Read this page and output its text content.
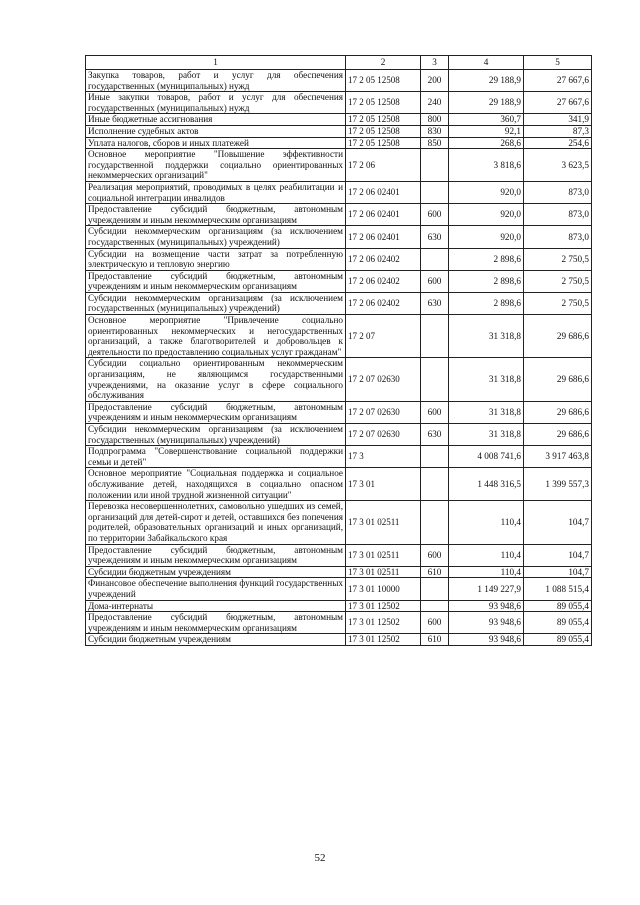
1	2	3	4	5
Закупка товаров, работ и услуг для обеспечения государственных (муниципальных) нужд	17 2 05 12508	200	29 188,9	27 667,6
Иные закупки товаров, работ и услуг для обеспечения государственных (муниципальных) нужд	17 2 05 12508	240	29 188,9	27 667,6
Иные бюджетные ассигнования	17 2 05 12508	800	360,7	341,9
Исполнение судебных актов	17 2 05 12508	830	92,1	87,3
Уплата налогов, сборов и иных платежей	17 2 05 12508	850	268,6	254,6
Основное мероприятие "Повышение эффективности государственной поддержки социально ориентированных некоммерческих организаций"	17 2 06		3 818,6	3 623,5
Реализация мероприятий, проводимых в целях реабилитации и социальной интеграции инвалидов	17 2 06 02401		920,0	873,0
Предоставление субсидий бюджетным, автономным учреждениям и иным некоммерческим организациям	17 2 06 02401	600	920,0	873,0
Субсидии некоммерческим организациям (за исключением государственных (муниципальных) учреждений)	17 2 06 02401	630	920,0	873,0
Субсидии на возмещение части затрат за потребленную электрическую и тепловую энергию	17 2 06 02402		2 898,6	2 750,5
Предоставление субсидий бюджетным, автономным учреждениям и иным некоммерческим организациям	17 2 06 02402	600	2 898,6	2 750,5
Субсидии некоммерческим организациям (за исключением государственных (муниципальных) учреждений)	17 2 06 02402	630	2 898,6	2 750,5
Основное мероприятие "Привлечение социально ориентированных некоммерческих и негосударственных организаций, а также благотворителей и добровольцев к деятельности по предоставлению социальных услуг гражданам"	17 2 07		31 318,8	29 686,6
Субсидии социально ориентированным некоммерческим организациям, не являющимся государственными учреждениями, на оказание услуг в сфере социального обслуживания	17 2 07 02630		31 318,8	29 686,6
Предоставление субсидий бюджетным, автономным учреждениям и иным некоммерческим организациям	17 2 07 02630	600	31 318,8	29 686,6
Субсидии некоммерческим организациям (за исключением государственных (муниципальных) учреждений)	17 2 07 02630	630	31 318,8	29 686,6
Подпрограмма "Совершенствование социальной поддержки семьи и детей"	17 3		4 008 741,6	3 917 463,8
Основное мероприятие "Социальная поддержка и социальное обслуживание детей, находящихся в социально опасном положении или иной трудной жизненной ситуации"	17 3 01		1 448 316,5	1 399 557,3
Перевозка несовершеннолетних, самовольно ушедших из семей, организаций для детей-сирот и детей, оставшихся без попечения родителей, образовательных организаций и иных организаций, по территории Забайкальского края	17 3 01 02511		110,4	104,7
Предоставление субсидий бюджетным, автономным учреждениям и иным некоммерческим организациям	17 3 01 02511	600	110,4	104,7
Субсидии бюджетным учреждениям	17 3 01 02511	610	110,4	104,7
Финансовое обеспечение выполнения функций государственных учреждений	17 3 01 10000		1 149 227,9	1 088 515,4
Дома-интернаты	17 3 01 12502		93 948,6	89 055,4
Предоставление субсидий бюджетным, автономным учреждениям и иным некоммерческим организациям	17 3 01 12502	600	93 948,6	89 055,4
Субсидии бюджетным учреждениям	17 3 01 12502	610	93 948,6	89 055,4
52
